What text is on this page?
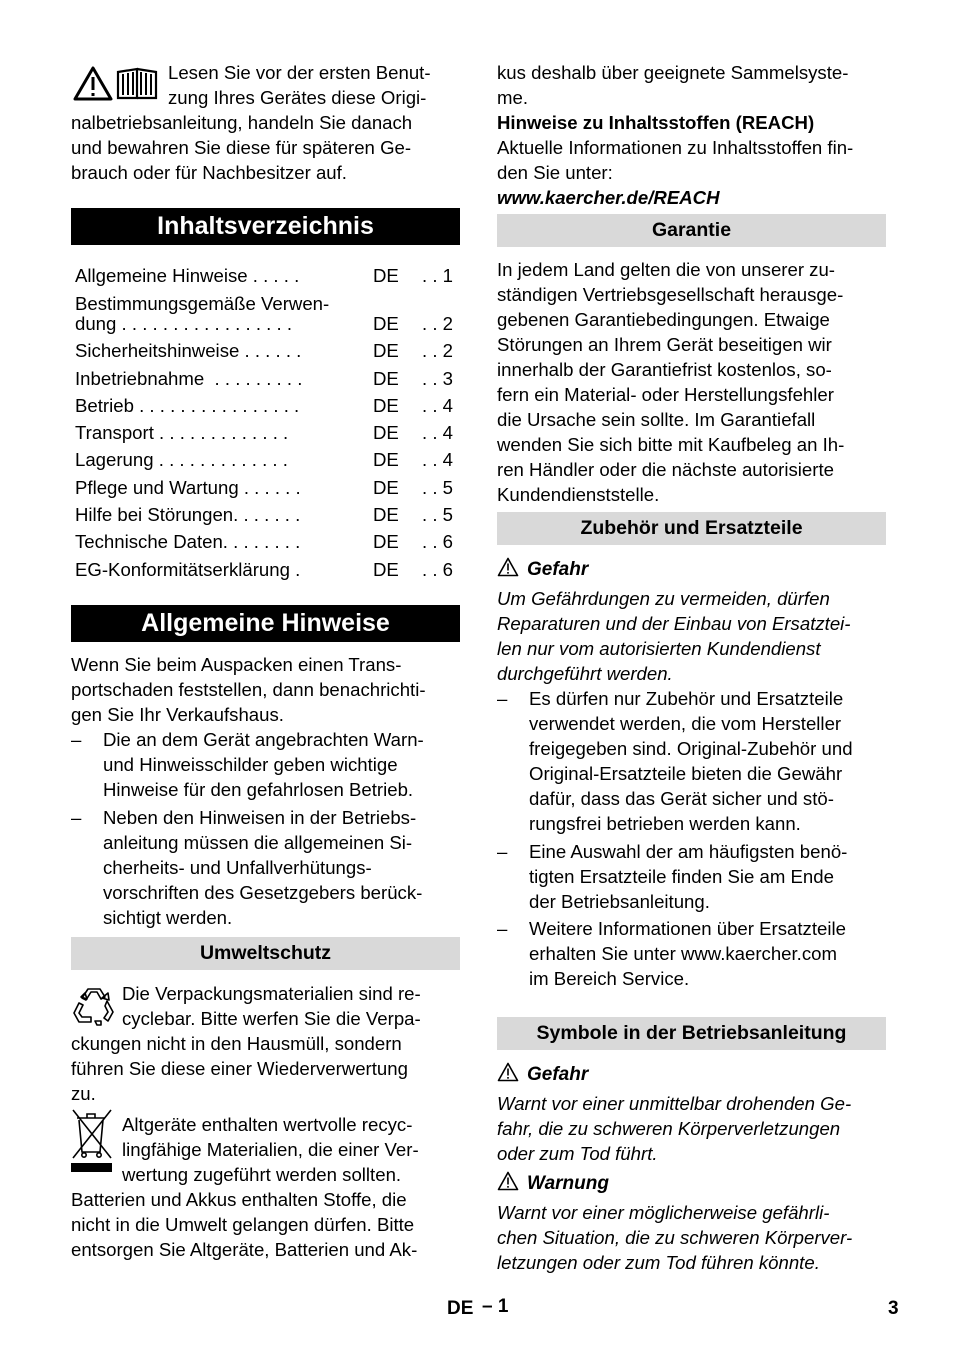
Lesen Sie vor der ersten Benut-
zung Ihres Gerätes diese Origi-
nalbetriebsanleitung, handeln Sie danach
und bewahren Sie diese für späteren Ge-
brauch oder für Nachbesitzer auf.
Inhaltsverzeichnis
Allgemeine Hinweise . . . . .	DE . . 1
Bestimmungsgemäße Verwen-
dung . . . . . . . . . . . . . . . . .	DE . . 2
Sicherheitshinweise . . . . . .	DE . . 2
Inbetriebnahme  . . . . . . . . .	DE . . 3
Betrieb . . . . . . . . . . . . . . . .	DE . . 4
Transport . . . . . . . . . . . . .	DE . . 4
Lagerung . . . . . . . . . . . . .	DE . . 4
Pflege und Wartung . . . . . .	DE . . 5
Hilfe bei Störungen. . . . . . .	DE . . 5
Technische Daten. . . . . . . .	DE . . 6
EG-Konformitätserklärung .	DE . . 6
Allgemeine Hinweise
Wenn Sie beim Auspacken einen Trans-
portschaden feststellen, dann benachrichti-
gen Sie Ihr Verkaufshaus.
– Die an dem Gerät angebrachten Warn-
und Hinweisschilder geben wichtige
Hinweise für den gefahrlosen Betrieb.
– Neben den Hinweisen in der Betriebs-
anleitung müssen die allgemeinen Si-
cherheits- und Unfallverhütungs-
vorschriften des Gesetzgebers berück-
sichtigt werden.
Umweltschutz
Die Verpackungsmaterialien sind re-
cyclebar. Bitte werfen Sie die Verpa-
ckungen nicht in den Hausmüll, sondern
führen Sie diese einer Wiederverwertung
zu.
Altgeräte enthalten wertvolle recyc-
lingfähige Materialien, die einer Ver-
wertung zugeführt werden sollten.
Batterien und Akkus enthalten Stoffe, die
nicht in die Umwelt gelangen dürfen. Bitte
entsorgen Sie Altgeräte, Batterien und Ak-
kus deshalb über geeignete Sammelsyste-
me.
Hinweise zu Inhaltsstoffen (REACH)
Aktuelle Informationen zu Inhaltsstoffen fin-
den Sie unter:
www.kaercher.de/REACH
Garantie
In jedem Land gelten die von unserer zu-
ständigen Vertriebsgesellschaft herausge-
gebenen Garantiebedingungen. Etwaige
Störungen an Ihrem Gerät beseitigen wir
innerhalb der Garantiefrist kostenlos, so-
fern ein Material- oder Herstellungsfehler
die Ursache sein sollte. Im Garantiefall
wenden Sie sich bitte mit Kaufbeleg an Ih-
ren Händler oder die nächste autorisierte
Kundendienststelle.
Zubehör und Ersatzteile
Gefahr
Um Gefährdungen zu vermeiden, dürfen
Reparaturen und der Einbau von Ersatztei-
len nur vom autorisierten Kundendienst
durchgeführt werden.
– Es dürfen nur Zubehör und Ersatzteile
verwendet werden, die vom Hersteller
freigegeben sind. Original-Zubehör und
Original-Ersatzteile bieten die Gewähr
dafür, dass das Gerät sicher und stö-
rungsfrei betrieben werden kann.
– Eine Auswahl der am häufigsten benö-
tigten Ersatzteile finden Sie am Ende
der Betriebsanleitung.
– Weitere Informationen über Ersatzteile
erhalten Sie unter www.kaercher.com
im Bereich Service.
Symbole in der Betriebsanleitung
Gefahr
Warnt vor einer unmittelbar drohenden Ge-
fahr, die zu schweren Körperverletzungen
oder zum Tod führt.
Warnung
Warnt vor einer möglicherweise gefährli-
chen Situation, die zu schweren Körperver-
letzungen oder zum Tod führen könnte.
DE – 1	3
